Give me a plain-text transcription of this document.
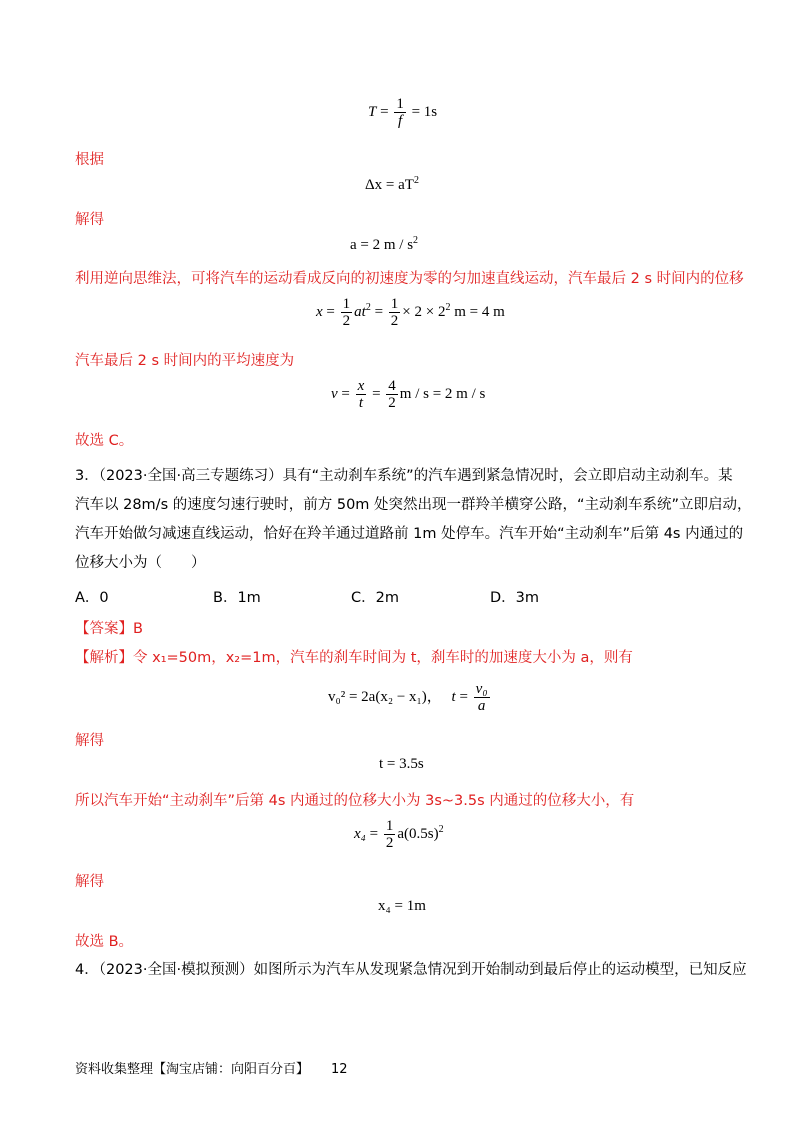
$T = \frac{1}{f} = 1s$
根据
$\Delta x = aT^2$
解得
a = 2 m / $s^2$
利用逆向思维法，可将汽车的运动看成反向的初速度为零的匀加速直线运动，汽车最后 2 s 时间内的位移
$x = \frac{1}{2} at^2 = \frac{1}{2} \times 2 \times 2^2$ m = 4 m
汽车最后 2 s 时间内的平均速度为
$v = \frac{x}{t} = \frac{4}{2}$ m / s = 2 m / s
故选 C。
3．（2023·全国·高三专题练习）具有“主动刹车系统”的汽车遇到紧急情况时，会立即启动主动刹车。某
汽车以 28m/s 的速度匀速行驶时，前方 50m 处突然出现一群羚羊横穿公路，“主动刹车系统”立即启动，
汽车开始做匀减速直线运动，恰好在羚羊通过道路前 1m 处停车。汽车开始“主动刹车”后第 4s 内通过的
位移大小为（　　）
A．0	B．1m	C．2m	D．3m
【答案】B
【解析】令 x₁=50m，x₂=1m，汽车的刹车时间为 t，刹车时的加速度大小为 a，则有
v₀² = 2a(x₂ − x₁)， $t = \frac{\text{v₀}}{a}$
解得
t = 3.5s
所以汽车开始“主动刹车”后第 4s 内通过的位移大小为 3s~3.5s 内通过的位移大小，有
$x_4 = \frac{1}{2} a(0.5s)^2$
解得
x₄ = 1m
故选 B。
4．（2023·全国·模拟预测）如图所示为汽车从发现紧急情况到开始制动到最后停止的运动模型，已知反应
资料收集整理【淘宝店铺：向阳百分百】 12
